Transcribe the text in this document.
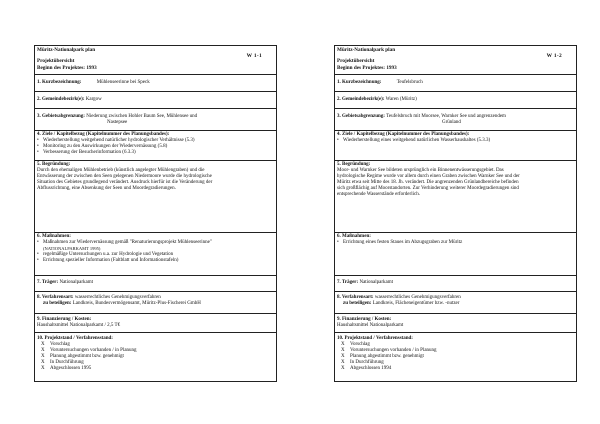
Müritz-Nationalpark plan
W 1-1
Projektübersicht
Beginn des Projektes: 1993
1. Kurzbezeichnung:	Mühlenseerinne bei Speck
2. Gemeindebezirk(e): Kargow
3. Gebietsabgrenzung: Niederung zwischen Hohler Baum See, Mühlensee und
Nastepsee
4. Ziele / Kapitelbezug (Kapitelnummer des Planungsbandes):
• Wiederherstellung weitgehend natürlicher hydrologischer Verhältnisse (5.3)
• Monitoring zu den Auswirkungen der Wiedervernässung (5.8)
• Verbesserung der Besucherinformation (6.3.3)
5. Begründung:
Durch den ehemaligen Mühlenbetrieb (künstlich angelegter Mühlengraben) und die
Entwässerung der zwischen den Seen gelegenen Niedermoore wurde die hydrologische
Situation des Gebietes grundlegend verändert. Ausdruck hierfür ist die Veränderung der
Abflussrichtung, eine Absenkung der Seen und Moordegradierungen.
6. Maßnahmen:
• Maßnahmen zur Wiedervernässung gemäß "Renaturierungsprojekt Mühlenseerinne"
(NATIONALPARKAMT 1995)
• regelmäßige Untersuchungen u.a. zur Hydrologie und Vegetation
• Errichtung spezieller Information (Faltblatt und Informationstafeln)
7. Träger: Nationalparkamt
8. Verfahrensart: wasserrechtliches Genehmigungsverfahren
zu beteiligen: Landkreis, Bundesvermögensamt, Müritz-Plus-Fischerei GmbH
9. Finanzierung / Kosten:
Haushaltsmittel Nationalparkamt / 2,5 T€
10. Projektstand / Verfahrensstand:
X Vorschlag
X Voruntersuchungen vorhanden / in Planung
X Planung abgestimmt bzw. genehmigt
X In Durchführung
X Abgeschlossen 1995
Müritz-Nationalpark plan
W 1-2
Projektübersicht
Beginn des Projektes: 1993
1. Kurzbezeichnung:	Teufelsbruch
2. Gemeindebezirk(e): Waren (Müritz)
3. Gebietsabgrenzung: Teufelsbruch mit Moorsee, Warnker See und angrenzendem
Grünland
4. Ziele / Kapitelbezug (Kapitelnummer des Planungsbandes):
• Wiederherstellung eines weitgehend natürlichen Wasserhaushaltes (5.3.3)
5. Begründung:
Moor- und Warnker See bildeten ursprünglich ein Binnenentwässerungsgebiet. Das
hydrologische Regime wurde vor allem durch einen Graben zwischen Warnker See und der
Müritz etwa seit Mitte des 18. Jh. verändert. Die angrenzenden Grünlandbereiche befinden
sich großflächig auf Moorstandorten. Zur Verhinderung weiterer Moordegradierungen sind
entsprechende Wasserstände erforderlich.
6. Maßnahmen:
• Errichtung eines festen Staues im Abzugsgraben zur Müritz
7. Träger: Nationalparkamt
8. Verfahrensart: wasserrechtliches Genehmigungsverfahren
zu beteiligen: Landkreis, Flächeneigentümer bzw. -nutzer
9. Finanzierung / Kosten:
Haushaltsmittel Nationalparkamt
10. Projektstand / Verfahrensstand:
X Vorschlag
X Voruntersuchungen vorhanden / in Planung
X Planung abgestimmt bzw. genehmigt
X In Durchführung
X Abgeschlossen 1994
